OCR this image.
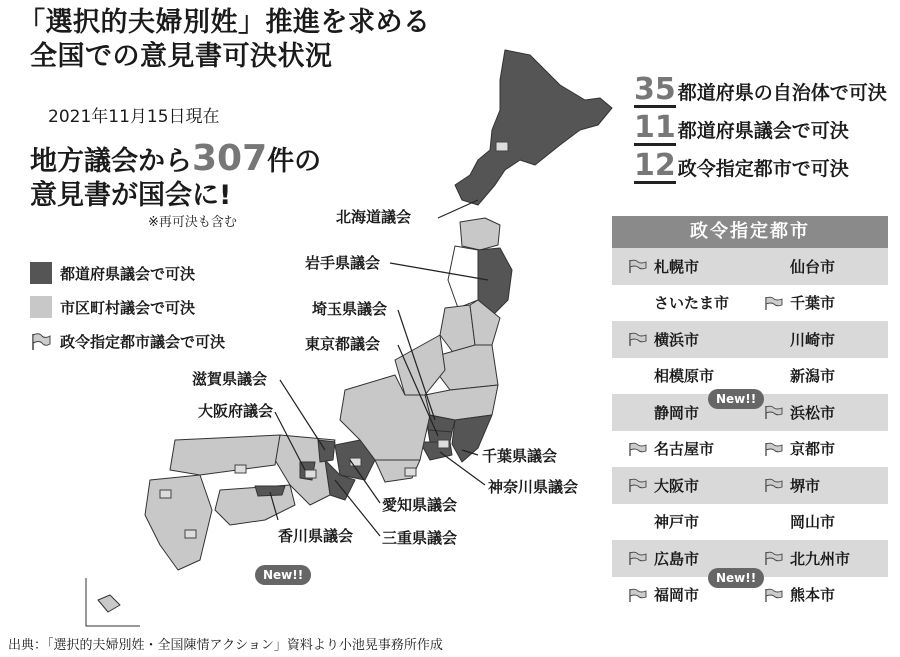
「選択的夫婦別姓」推進を求める
全国での意見書可決状況
2021年11月15日現在
地方議会から307件の
意見書が国会に!
※再可決も含む
都道府県議会で可決
市区町村議会で可決
政令指定都市議会で可決
35 都道府県の自治体で可決
11 都道府県議会で可決
12 政令指定都市で可決
政令指定都市
札幌市	仙台市
さいたま市	千葉市
横浜市	川崎市
相模原市	新潟市
静岡市	浜松市
名古屋市	京都市
大阪市	堺市
神戸市	岡山市
広島市	北九州市
福岡市	熊本市
北海道議会
岩手県議会
埼玉県議会
東京都議会
滋賀県議会
大阪府議会
千葉県議会
神奈川県議会
愛知県議会
香川県議会 三重県議会
New!!
New!!
New!!
出典：「選択的夫婦別姓・全国陳情アクション」資料より小池晃事務所作成
